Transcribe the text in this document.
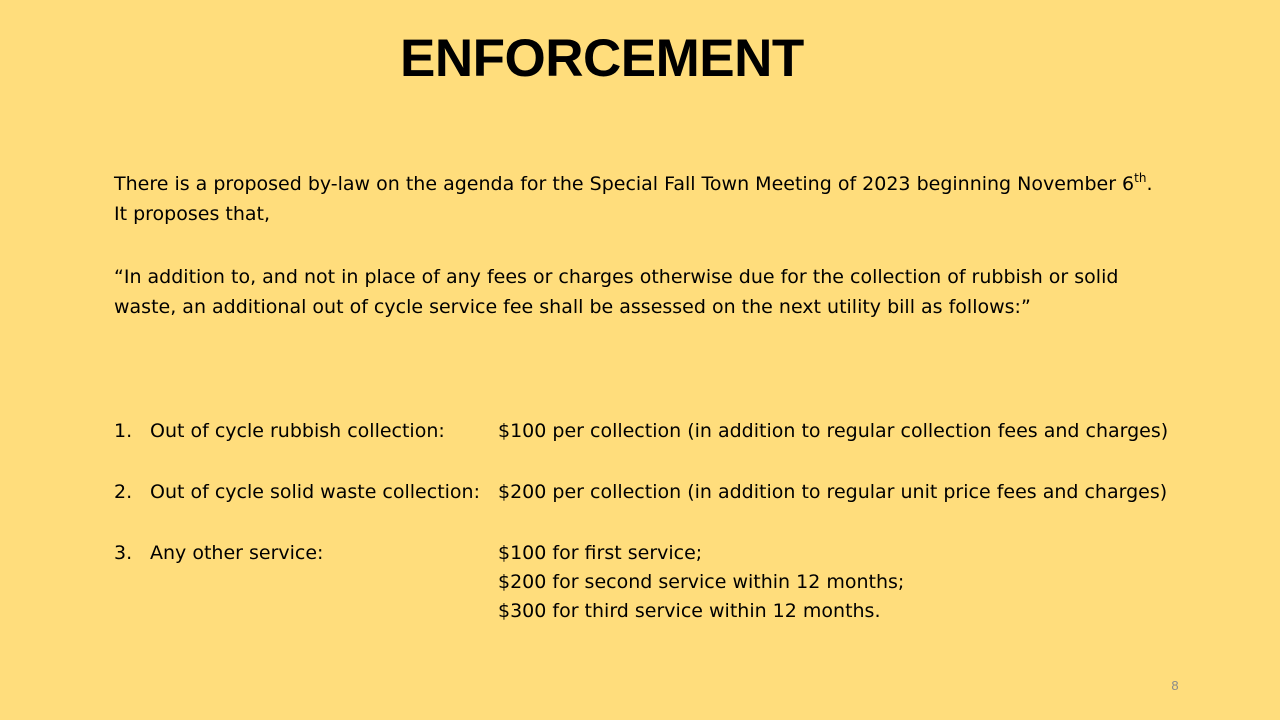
ENFORCEMENT
There is a proposed by-law on the agenda for the Special Fall Town Meeting of 2023 beginning November 6th.
It proposes that,
“In addition to, and not in place of any fees or charges otherwise due for the collection of rubbish or solid
waste, an additional out of cycle service fee shall be assessed on the next utility bill as follows:”
1. Out of cycle rubbish collection:	$100 per collection (in addition to regular collection fees and charges)
2. Out of cycle solid waste collection: $200 per collection (in addition to regular unit price fees and charges)
3. Any other service:	$100 for first service;
$200 for second service within 12 months;
$300 for third service within 12 months.
8
